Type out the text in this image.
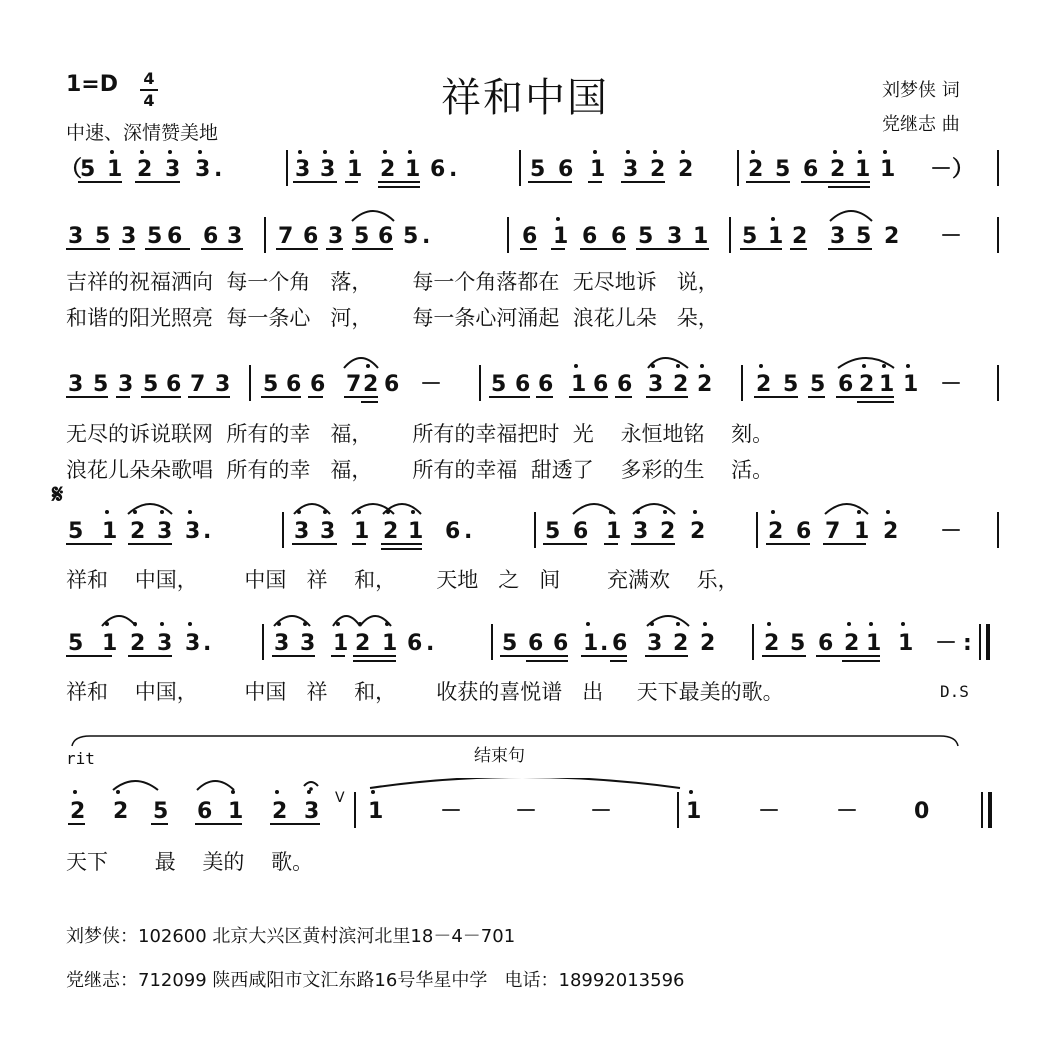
祥和中国
1=D 4
4
中速、深情赞美地
刘梦侠 词
党继志 曲
（
5 1 2 3 3 .	3 3 1 2 1 6 .	5 6 1 3 2 2 2 5 6 2 1 1 －）
3 5 3 5 6 6 3 7 6 3 5 6 5 .	6 1 6 6 5 3 1 5 1 2 3 5 2 －
吉祥的祝福洒向  每一个角   落，      每一个角落都在  无尽地诉   说，
和谐的阳光照亮  每一条心   河，      每一条心河涌起  浪花儿朵   朵，
3 5 3 5 6 7 3 5 6 6 7 2 6 － 5 6 6 1 6 6 3 2 2 2 5 5 6 2 1 1 －
无尽的诉说联网  所有的幸   福，      所有的幸福把时  光    永恒地铭    刻。
浪花儿朵朵歌唱  所有的幸   福，      所有的幸福  甜透了    多彩的生    活。
𝄋
5 1 2 3 3 .	3 3 1 2 1 6 .	5 6 1 3 2 2	2 6 7 1 2 －
祥和    中国，       中国   祥    和，      天地   之   间       充满欢    乐，
5 1 2 3 3 .	3 3 1 2 1 6 .	5 6 6 1 . 6 3 2 2 2 5 6 2 1 1 － :
祥和    中国，       中国   祥    和，      收获的喜悦谱   出     天下最美的歌。	D.S
结束句
rit
2 2 5 6 1 2 3 1	－ － －	1	－	－	0
V
天下       最    美的    歌。
刘梦侠：102600 北京大兴区黄村滨河北里18－4－701
党继志：712099 陕西咸阳市文汇东路16号华星中学   电话：18992013596
